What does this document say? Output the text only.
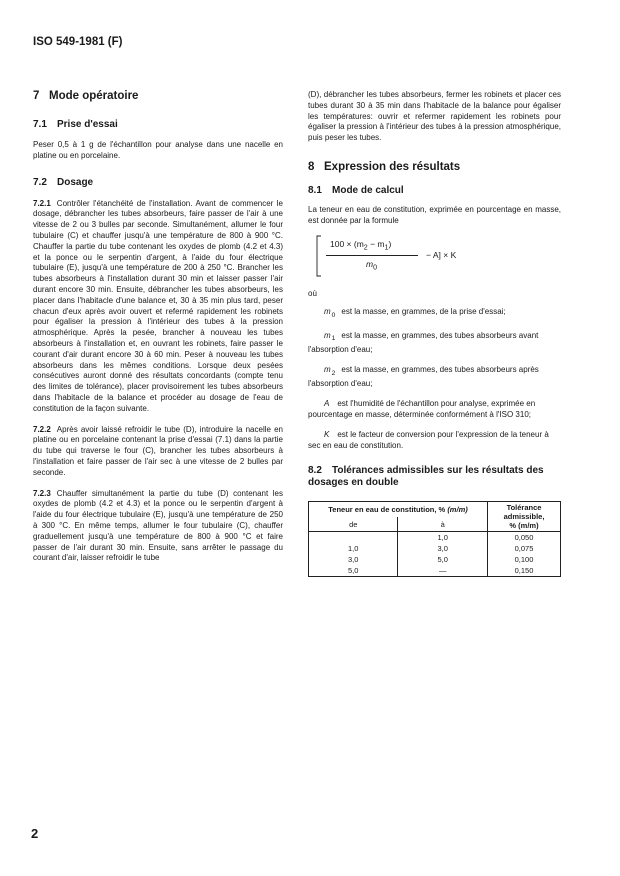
ISO 549-1981 (F)
7 Mode opératoire
7.1 Prise d'essai

Peser 0,5 à 1 g de l'échantillon pour analyse dans une nacelle en platine ou en porcelaine.

7.2 Dosage

7.2.1 Contrôler l'étanchéité de l'installation. Avant de commencer le dosage, débrancher les tubes absorbeurs, faire passer de l'air à une vitesse de 2 ou 3 bulles par seconde. Simultanément, allumer le four tubulaire (C) et chauffer jusqu'à une température de 800 à 900 °C. Chauffer la partie du tube contenant les oxydes de plomb (4.2 et 4.3) et la ponce ou le serpentin d'argent, à l'aide du four électrique tubulaire (E), jusqu'à une température de 200 à 250 °C. Brancher les tubes absorbeurs à l'installation durant 30 min et laisser passer l'air durant encore 30 min. Ensuite, débrancher les tubes absorbeurs, les placer dans l'habitacle d'une balance et, 30 à 35 min plus tard, peser chacun d'eux après avoir ouvert et refermé rapidement les robinets pour égaliser la pression à l'intérieur des tubes à la pression atmosphérique. Après la pesée, brancher à nouveau les tubes absorbeurs à l'installation et, en ouvrant les robinets, faire passer le courant d'air durant encore 30 à 60 min. Peser à nouveau les tubes absorbeurs dans les mêmes conditions. Lorsque deux pesées consécutives auront donné des résultats concordants (compte tenu des limites de tolérance), placer provisoirement les tubes absorbeurs dans l'habitacle de la balance et procéder au dosage de l'eau de constitution de la façon suivante.

7.2.2 Après avoir laissé refroidir le tube (D), introduire la nacelle en platine ou en porcelaine contenant la prise d'essai (7.1) dans la partie du tube qui traverse le four (C), brancher les tubes absorbeurs à l'installation et faire passer de l'air sec à une vitesse de 2 bulles par seconde.

7.2.3 Chauffer simultanément la partie du tube (D) contenant les oxydes de plomb (4.2 et 4.3) et la ponce ou le serpentin d'argent à l'aide du four électrique tubulaire (E), jusqu'à une température de 250 à 300 °C. En même temps, allumer le four tubulaire (C), chauffer graduellement jusqu'à une température de 800 à 900 °C et faire passer de l'air durant 30 min. Ensuite, sans arrêter le passage du courant d'air, laisser refroidir le tube

(D), débrancher les tubes absorbeurs, fermer les robinets et placer ces tubes durant 30 à 35 min dans l'habitacle de la balance pour égaliser les températures: ouvrir et refermer rapidement les robinets pour égaliser la pression à l'intérieur des tubes à la pression atmosphérique, puis peser les tubes.

8 Expression des résultats
8.1 Mode de calcul

La teneur en eau de constitution, exprimée en pourcentage en masse, est donnée par la formule

$100 \times (m_2 - m_1)$
$m_0$
− A] × K

où

$m_0$ est la masse, en grammes, de la prise d'essai;

$m_1$ est la masse, en grammes, des tubes absorbeurs avant l'absorption d'eau;

$m_2$ est la masse, en grammes, des tubes absorbeurs après l'absorption d'eau;

A est l'humidité de l'échantillon pour analyse, exprimée en pourcentage en masse, déterminée conformément à l'ISO 310;

K est le facteur de conversion pour l'expression de la teneur à sec en eau de constitution.

8.2 Tolérances admissibles sur les résultats des dosages en double
Teneur en eau de constitution, % (m/m)		Tolérance admissible,
% (m/m)
de	à	
	1,0	0,050
1,0	3,0	0,075
3,0	5,0	0,100
5,0	—	0,150
2
